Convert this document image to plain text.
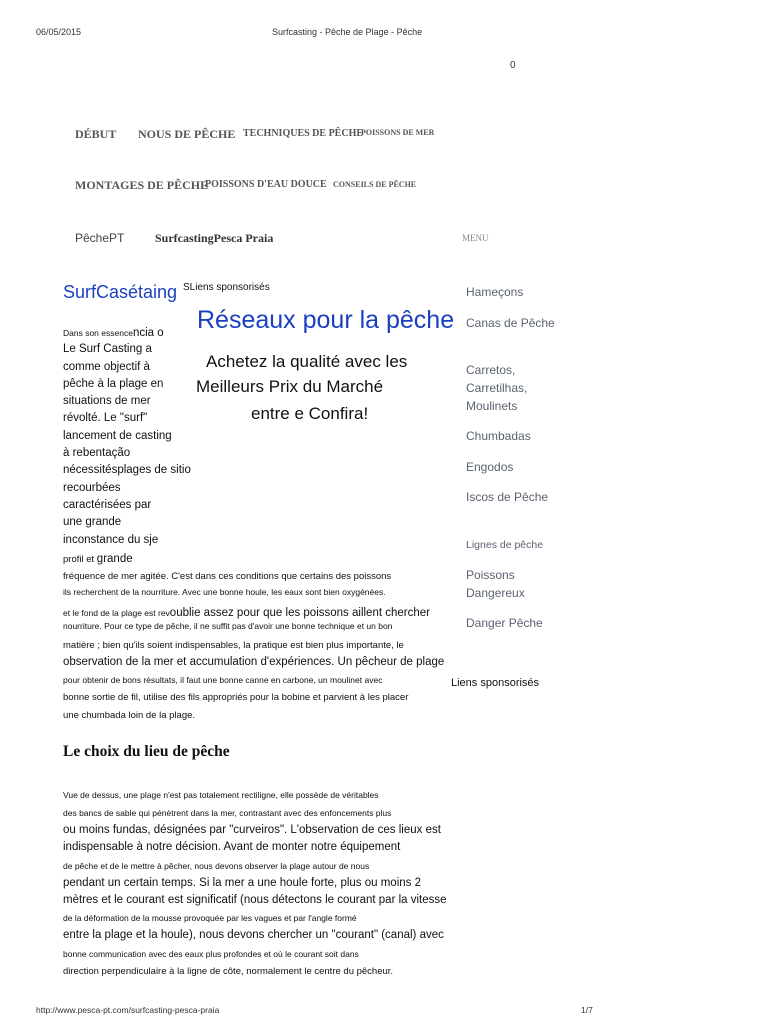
06/05/2015	Surfcasting - Pêche de Plage - Pêche
0
DÉBUT NOUS DE PÊCHE TECHNIQUES DE PÊCHE
POISSONS DE MER
MONTAGES DE PÊCHE
POISSONS D'EAU DOUCE CONSEILS DE PÊCHE
PêchePT	SurfcastingPesca Praia	MENU
SurfCasétaing SLiens sponsorisés
Réseaux pour la pêche
Achetez la qualité avec les
Meilleurs Prix du Marché
entre e Confira!
Dans son essencencia o
Le Surf Casting a
comme objectif à
pêche à la plage en
situations de mer
révolté. Le "surf"
lancement de casting
à rebentação
nécessitésplages de sitio
recourbées
caractérisées par
une grande
inconstance du sje
profil et grande
fréquence de mer agitée. C'est dans ces conditions que certains des poissons
ils recherchent de la nourriture. Avec une bonne houle, les eaux sont bien oxygénées.
et le fond de la plage est revoublie assez pour que les poissons aillent chercher
nourriture. Pour ce type de pêche, il ne suffit pas d'avoir une bonne technique et un bon
matière ; bien qu'ils soient indispensables, la pratique est bien plus importante, le
observation de la mer et accumulation d'expériences. Un pêcheur de plage
pour obtenir de bons résultats, il faut une bonne canne en carbone, un moulinet avec
bonne sortie de fil, utilise des fils appropriés pour la bobine et parvient à les placer
une chumbada loin de la plage.
Le choix du lieu de pêche
Vue de dessus, une plage n'est pas totalement rectiligne, elle possède de véritables
des bancs de sable qui pénètrent dans la mer, contrastant avec des enfoncements plus
ou moins fundas, désignées par "curveiros". L'observation de ces lieux est
indispensable à notre décision. Avant de monter notre équipement
de pêche et de le mettre à pêcher, nous devons observer la plage autour de nous
pendant un certain temps. Si la mer a une houle forte, plus ou moins 2
mètres et le courant est significatif (nous détectons le courant par la vitesse
de la déformation de la mousse provoquée par les vagues et par l'angle formé
entre la plage et la houle), nous devons chercher un "courant" (canal) avec
bonne communication avec des eaux plus profondes et où le courant soit dans
direction perpendiculaire à la ligne de côte, normalement le centre du pêcheur.
Hameçons
Canas de Pêche
Carretos, Carretilhas, Moulinets
Chumbadas
Engodos
Iscos de Pêche
Lignes de pêche
Poissons Dangereux
Danger Pêche
Liens sponsorisés
http://www.pesca-pt.com/surfcasting-pesca-praia	1/7
